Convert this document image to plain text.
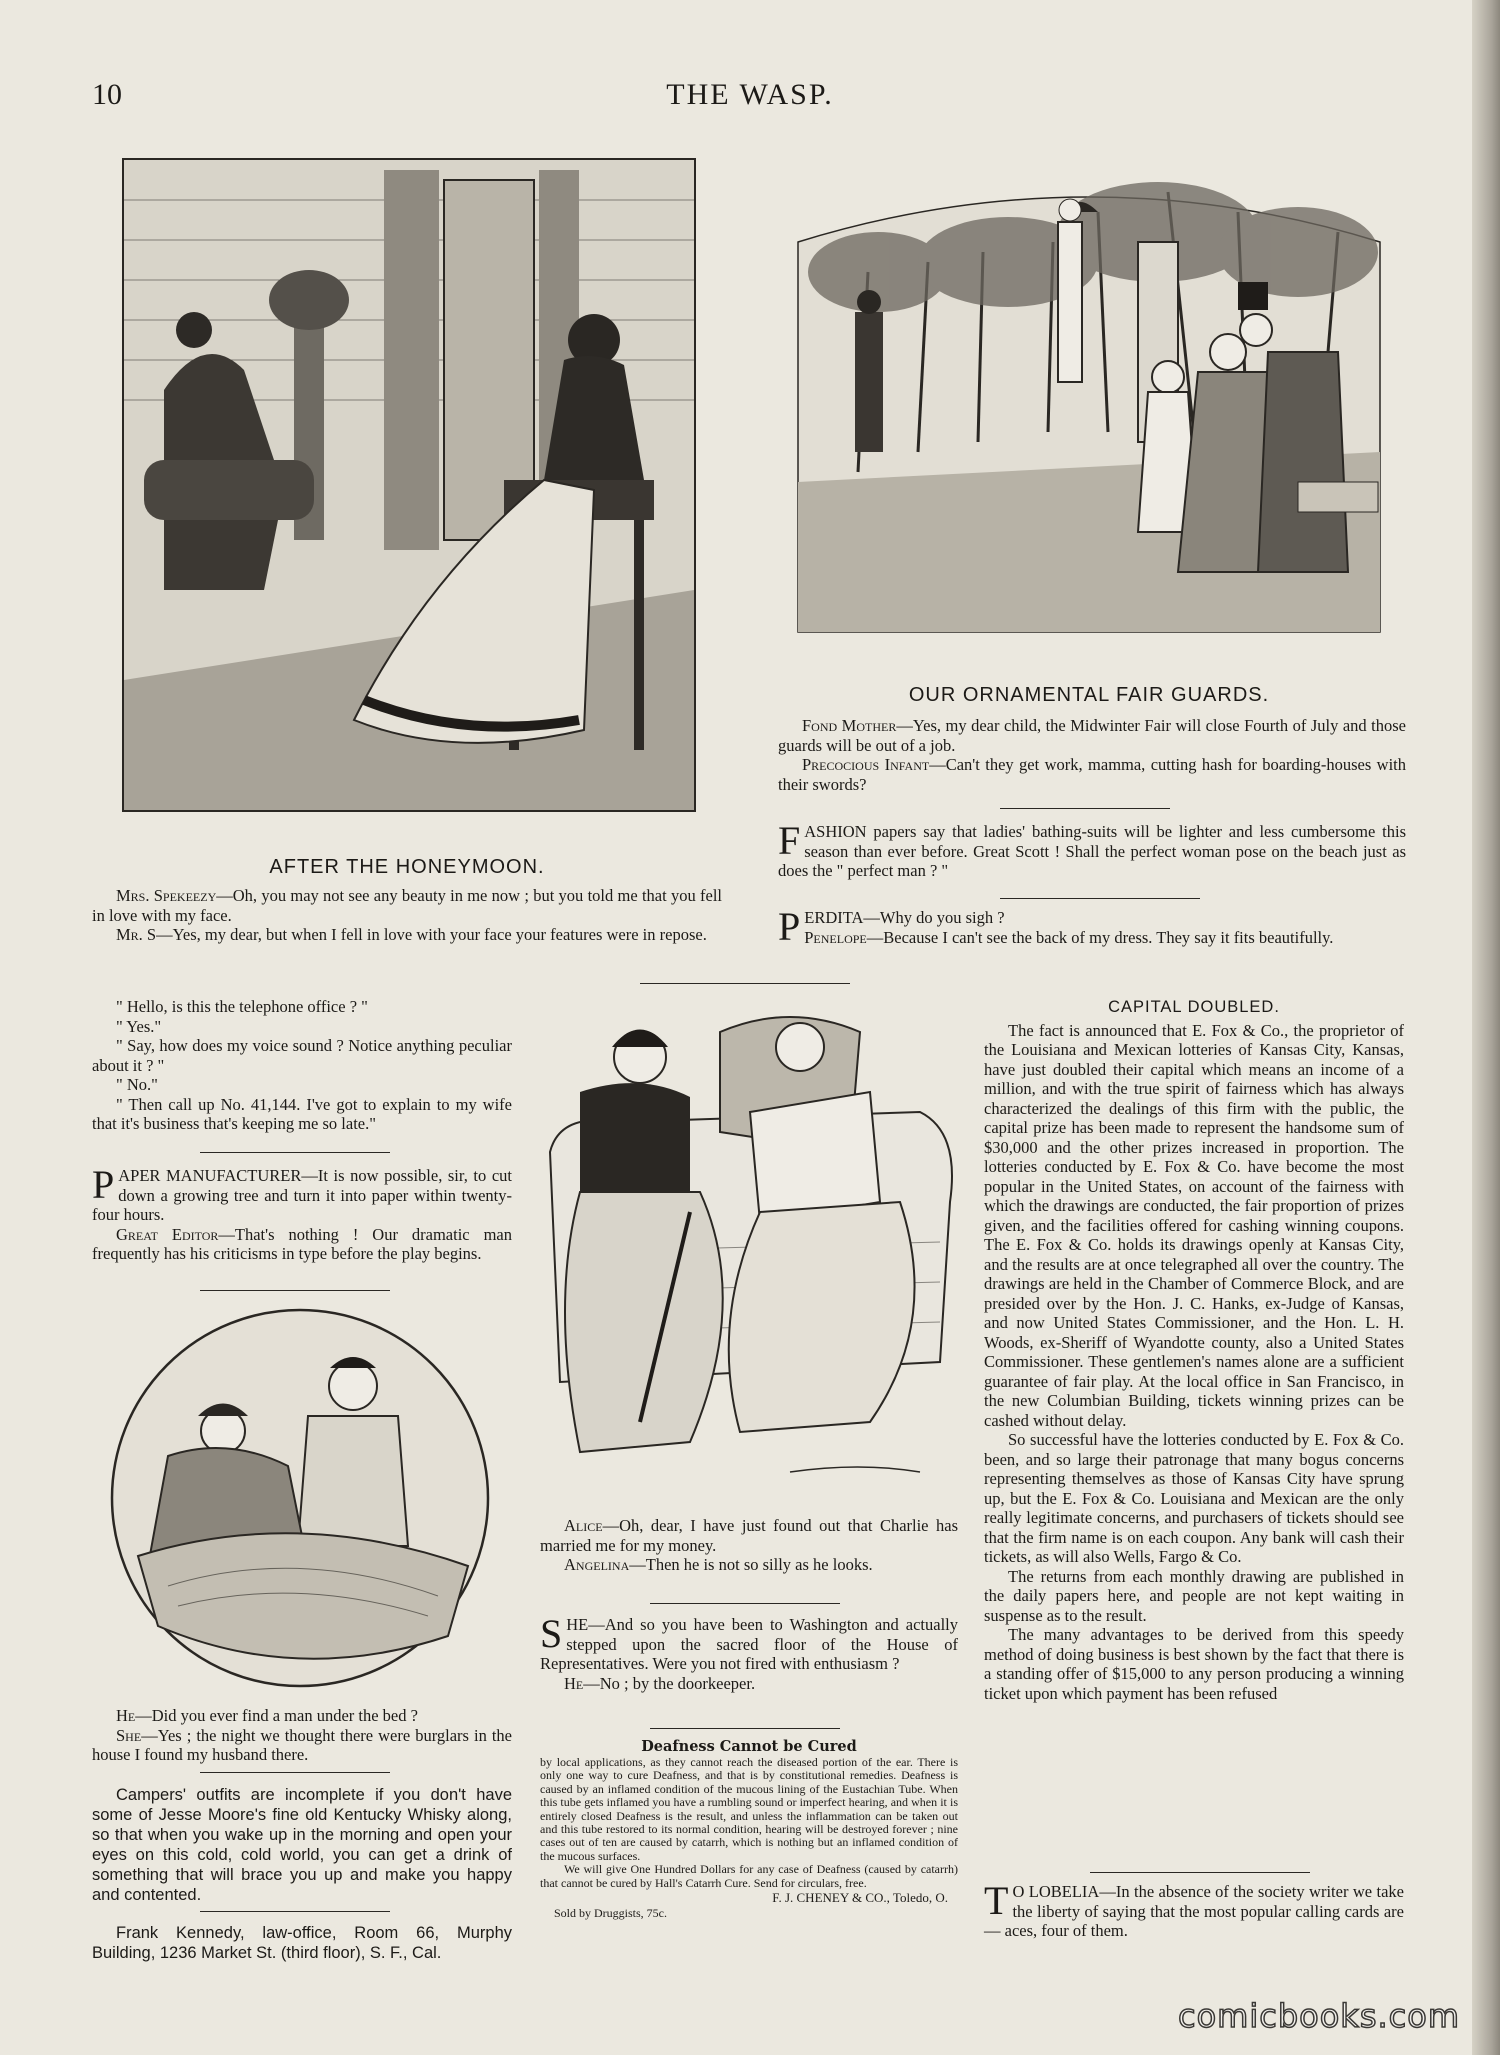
10	THE WASP.
AFTER THE HONEYMOON.

Mrs. Spekeezy—Oh, you may not see any beauty in me now ; but you told me that you fell in love with my face.

Mr. S—Yes, my dear, but when I fell in love with your face your features were in repose.

OUR ORNAMENTAL FAIR GUARDS.

Fond Mother—Yes, my dear child, the Midwinter Fair will close Fourth of July and those guards will be out of a job.

Precocious Infant—Can't they get work, mamma, cutting hash for boarding-houses with their swords?

FASHION papers say that ladies' bathing-suits will be lighter and less cumbersome this season than ever before. Great Scott ! Shall the perfect woman pose on the beach just as does the " perfect man ? "

PERDITA—Why do you sigh ?
Penelope—Because I can't see the back of my dress. They say it fits beautifully.

" Hello, is this the telephone office ? "

" Yes."

" Say, how does my voice sound ? Notice anything peculiar about it ? "

" No."

" Then call up No. 41,144. I've got to explain to my wife that it's business that's keeping me so late."

PAPER MANUFACTURER—It is now possible, sir, to cut down a growing tree and turn it into paper within twenty-four hours.

Great Editor—That's nothing ! Our dramatic man frequently has his criticisms in type before the play begins.

He—Did you ever find a man under the bed ?

She—Yes ; the night we thought there were burglars in the house I found my husband there.

Campers' outfits are incomplete if you don't have some of Jesse Moore's fine old Kentucky Whisky along, so that when you wake up in the morning and open your eyes on this cold, cold world, you can get a drink of something that will brace you up and make you happy and contented.

Frank Kennedy, law-office, Room 66, Murphy Building, 1236 Market St. (third floor), S. F., Cal.

Alice—Oh, dear, I have just found out that Charlie has married me for my money.

Angelina—Then he is not so silly as he looks.

SHE—And so you have been to Washington and actually stepped upon the sacred floor of the House of Representatives. Were you not fired with enthusiasm ?

He—No ; by the doorkeeper.

Deafness Cannot be Cured

by local applications, as they cannot reach the diseased portion of the ear. There is only one way to cure Deafness, and that is by constitutional remedies. Deafness is caused by an inflamed condition of the mucous lining of the Eustachian Tube. When this tube gets inflamed you have a rumbling sound or imperfect hearing, and when it is entirely closed Deafness is the result, and unless the inflammation can be taken out and this tube restored to its normal condition, hearing will be destroyed forever ; nine cases out of ten are caused by catarrh, which is nothing but an inflamed condition of the mucous surfaces.

We will give One Hundred Dollars for any case of Deafness (caused by catarrh) that cannot be cured by Hall's Catarrh Cure. Send for circulars, free.

F. J. CHENEY & CO., Toledo, O.

Sold by Druggists, 75c.

CAPITAL DOUBLED.

The fact is announced that E. Fox & Co., the proprietor of the Louisiana and Mexican lotteries of Kansas City, Kansas, have just doubled their capital which means an income of a million, and with the true spirit of fairness which has always characterized the dealings of this firm with the public, the capital prize has been made to represent the handsome sum of $30,000 and the other prizes increased in proportion. The lotteries conducted by E. Fox & Co. have become the most popular in the United States, on account of the fairness with which the drawings are conducted, the fair proportion of prizes given, and the facilities offered for cashing winning coupons. The E. Fox & Co. holds its drawings openly at Kansas City, and the results are at once telegraphed all over the country. The drawings are held in the Chamber of Commerce Block, and are presided over by the Hon. J. C. Hanks, ex-Judge of Kansas, and now United States Commissioner, and the Hon. L. H. Woods, ex-Sheriff of Wyandotte county, also a United States Commissioner. These gentlemen's names alone are a sufficient guarantee of fair play. At the local office in San Francisco, in the new Columbian Building, tickets winning prizes can be cashed without delay.

So successful have the lotteries conducted by E. Fox & Co. been, and so large their patronage that many bogus concerns representing themselves as those of Kansas City have sprung up, but the E. Fox & Co. Louisiana and Mexican are the only really legitimate concerns, and purchasers of tickets should see that the firm name is on each coupon. Any bank will cash their tickets, as will also Wells, Fargo & Co.

The returns from each monthly drawing are published in the daily papers here, and people are not kept waiting in suspense as to the result.

The many advantages to be derived from this speedy method of doing business is best shown by the fact that there is a standing offer of $15,000 to any person producing a winning ticket upon which payment has been refused

T O LOBELIA—In the absence of the society writer we take the liberty of saying that the most popular calling cards are — aces, four of them.

comicbooks.com
